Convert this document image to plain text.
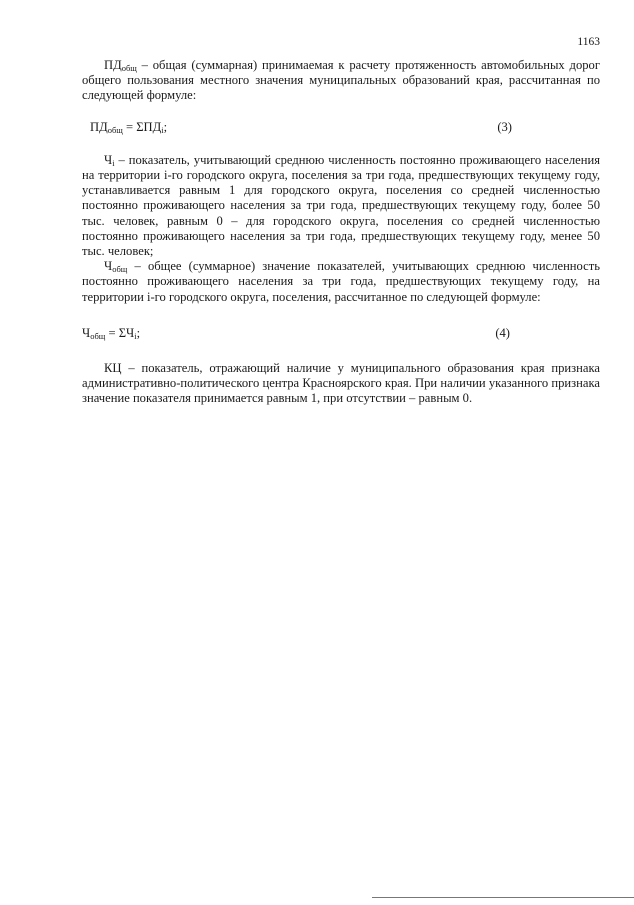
1163

$ПД_{общ}$ – общая (суммарная) принимаемая к расчету протяженность автомобильных дорог общего пользования местного значения муниципальных образований края, рассчитанная по следующей формуле:

$ПД_{общ} = \Sigma ПД_i$;	(3)

$Ч_i$ – показатель, учитывающий среднюю численность постоянно проживающего населения на территории i-го городского округа, поселения за три года, предшествующих текущему году, устанавливается равным 1 для городского округа, поселения со средней численностью постоянно проживающего населения за три года, предшествующих текущему году, более 50 тыс. человек, равным 0 – для городского округа, поселения со средней численностью постоянно проживающего населения за три года, предшествующих текущему году, менее 50 тыс. человек;

$Ч_{общ}$ – общее (суммарное) значение показателей, учитывающих среднюю численность постоянно проживающего населения за три года, предшествующих текущему году, на территории i-го городского округа, поселения, рассчитанное по следующей формуле:

$Ч_{общ} = \Sigma Ч_i$;	(4)

КЦ – показатель, отражающий наличие у муниципального образования края признака административно-политического центра Красноярского края. При наличии указанного признака значение показателя принимается равным 1, при отсутствии – равным 0.
